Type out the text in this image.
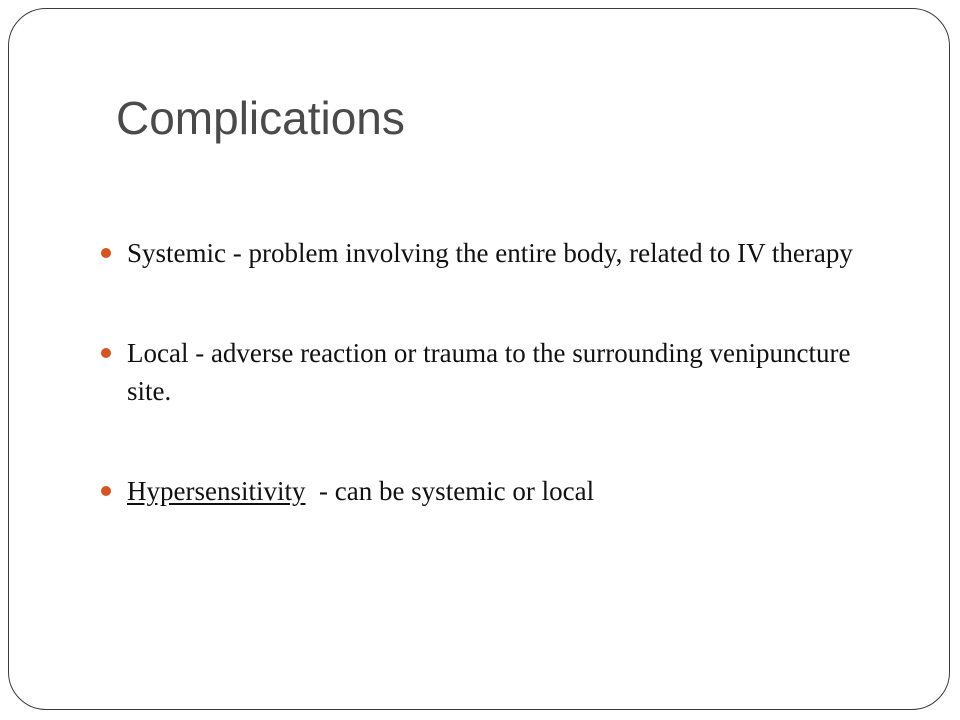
Complications
Systemic - problem involving the entire body, related to IV therapy
Local - adverse reaction or trauma to the surrounding venipuncture site.
Hypersensitivity  - can be systemic or local
